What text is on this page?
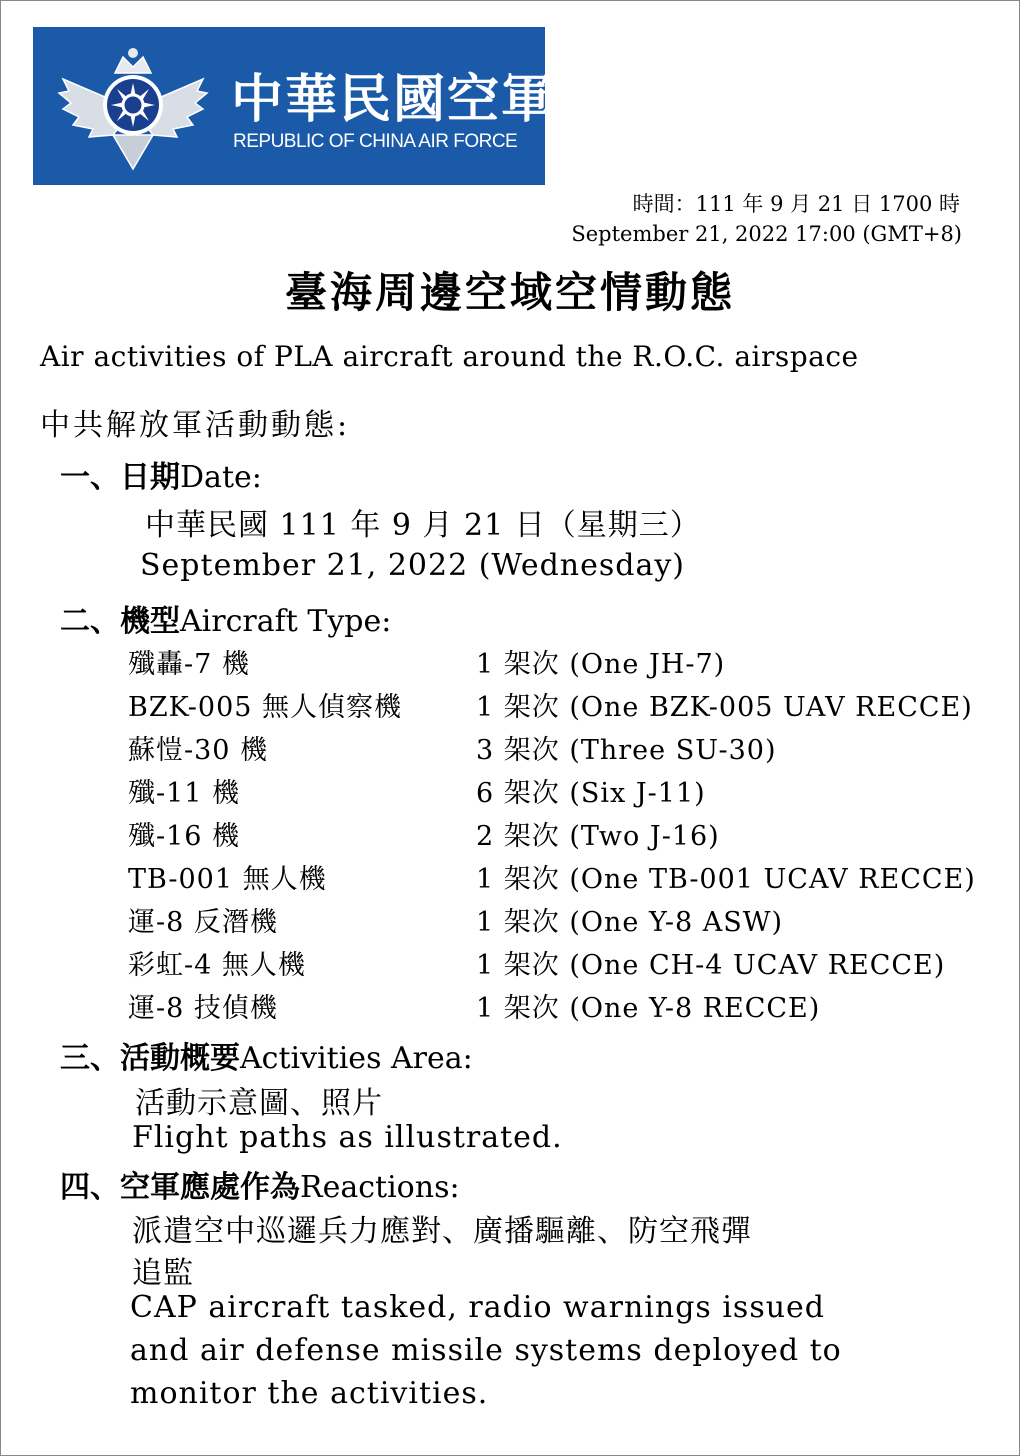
中華民國空軍
REPUBLIC OF CHINA AIR FORCE
時間：111 年 9 月 21 日 1700 時
September 21, 2022 17:00 (GMT+8)
臺海周邊空域空情動態
Air activities of PLA aircraft around the R.O.C. airspace
中共解放軍活動動態:
一、日期Date:
中華民國 111 年 9 月 21 日（星期三）
September 21, 2022 (Wednesday)
二、機型Aircraft Type:
殲轟-7 機	1 架次 (One JH-7)
BZK-005 無人偵察機	1 架次 (One BZK-005 UAV RECCE)
蘇愷-30 機	3 架次 (Three SU-30)
殲-11 機	6 架次 (Six J-11)
殲-16 機	2 架次 (Two J-16)
TB-001 無人機	1 架次 (One TB-001 UCAV RECCE)
運-8 反潛機	1 架次 (One Y-8 ASW)
彩虹-4 無人機	1 架次 (One CH-4 UCAV RECCE)
運-8 技偵機	1 架次 (One Y-8 RECCE)
三、活動概要Activities Area:
活動示意圖、照片
Flight paths as illustrated.
四、空軍應處作為Reactions:
派遣空中巡邏兵力應對、廣播驅離、防空飛彈
追監
CAP aircraft tasked, radio warnings issued
and air defense missile systems deployed to
monitor the activities.
